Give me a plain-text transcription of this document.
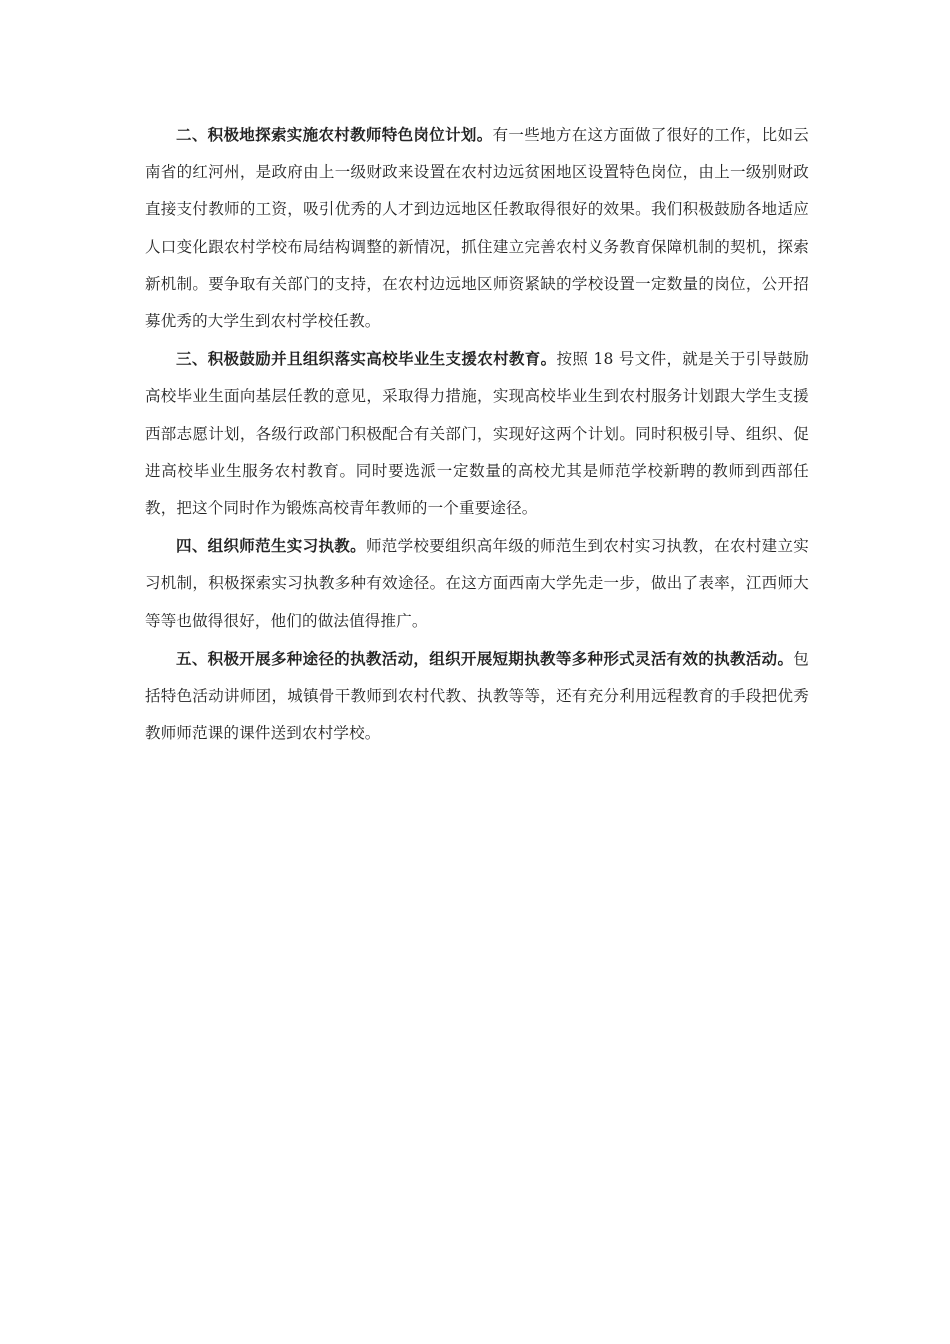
二、积极地探索实施农村教师特色岗位计划。有一些地方在这方面做了很好的工作，比如云南省的红河州，是政府由上一级财政来设置在农村边远贫困地区设置特色岗位，由上一级别财政直接支付教师的工资，吸引优秀的人才到边远地区任教取得很好的效果。我们积极鼓励各地适应人口变化跟农村学校布局结构调整的新情况，抓住建立完善农村义务教育保障机制的契机，探索新机制。要争取有关部门的支持，在农村边远地区师资紧缺的学校设置一定数量的岗位，公开招募优秀的大学生到农村学校任教。

三、积极鼓励并且组织落实高校毕业生支援农村教育。按照 18 号文件，就是关于引导鼓励高校毕业生面向基层任教的意见，采取得力措施，实现高校毕业生到农村服务计划跟大学生支援西部志愿计划，各级行政部门积极配合有关部门，实现好这两个计划。同时积极引导、组织、促进高校毕业生服务农村教育。同时要选派一定数量的高校尤其是师范学校新聘的教师到西部任教，把这个同时作为锻炼高校青年教师的一个重要途径。

四、组织师范生实习执教。师范学校要组织高年级的师范生到农村实习执教，在农村建立实习机制，积极探索实习执教多种有效途径。在这方面西南大学先走一步，做出了表率，江西师大等等也做得很好，他们的做法值得推广。

五、积极开展多种途径的执教活动，组织开展短期执教等多种形式灵活有效的执教活动。包括特色活动讲师团，城镇骨干教师到农村代教、执教等等，还有充分利用远程教育的手段把优秀教师师范课的课件送到农村学校。
